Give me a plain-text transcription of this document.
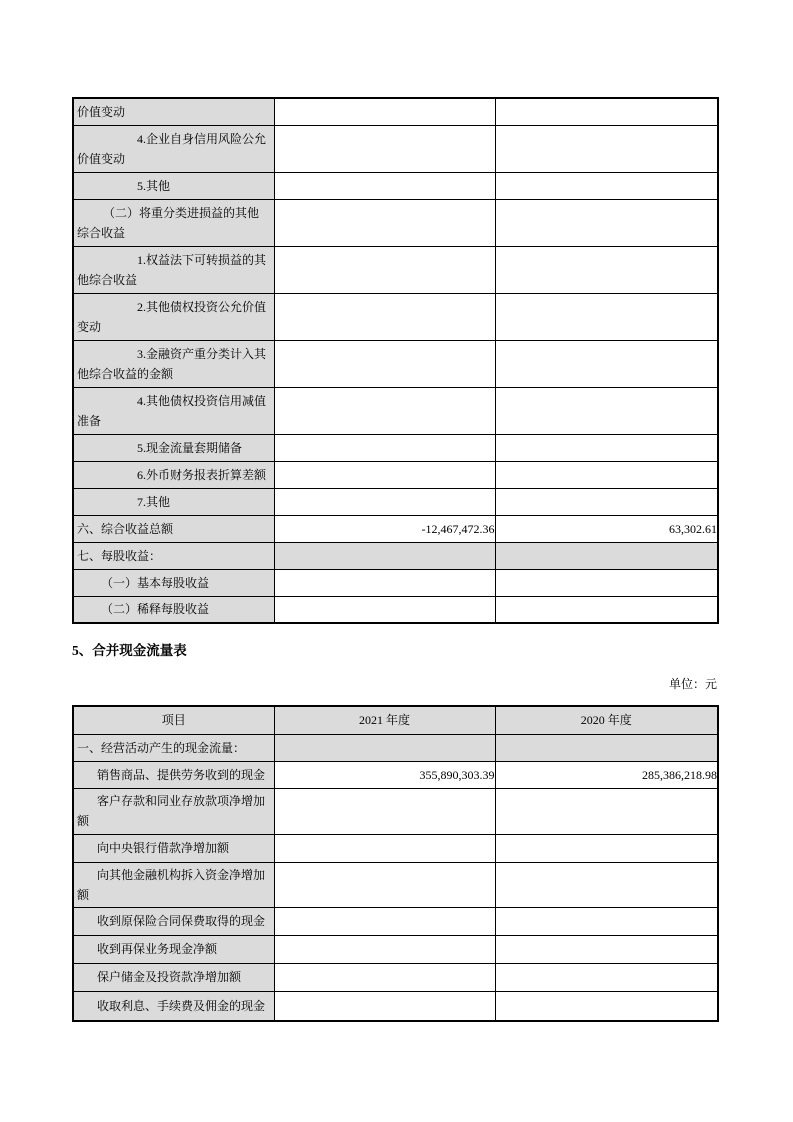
价值变动		

4.企业自身信用风险公允价值变动		

5.其他		

（二）将重分类进损益的其他综合收益		

1.权益法下可转损益的其他综合收益		

2.其他债权投资公允价值变动		

3.金融资产重分类计入其他综合收益的金额		

4.其他债权投资信用减值准备		

5.现金流量套期储备		

6.外币财务报表折算差额		

7.其他		

六、综合收益总额	-12,467,472.36	63,302.61

七、每股收益：		

（一）基本每股收益		

（二）稀释每股收益		

5、合并现金流量表
单位：元
项目	2021 年度	2020 年度

一、经营活动产生的现金流量：		

销售商品、提供劳务收到的现金	355,890,303.39	285,386,218.98

客户存款和同业存放款项净增加额		

向中央银行借款净增加额		

向其他金融机构拆入资金净增加额		

收到原保险合同保费取得的现金		

收到再保业务现金净额		

保户储金及投资款净增加额		

收取利息、手续费及佣金的现金		
